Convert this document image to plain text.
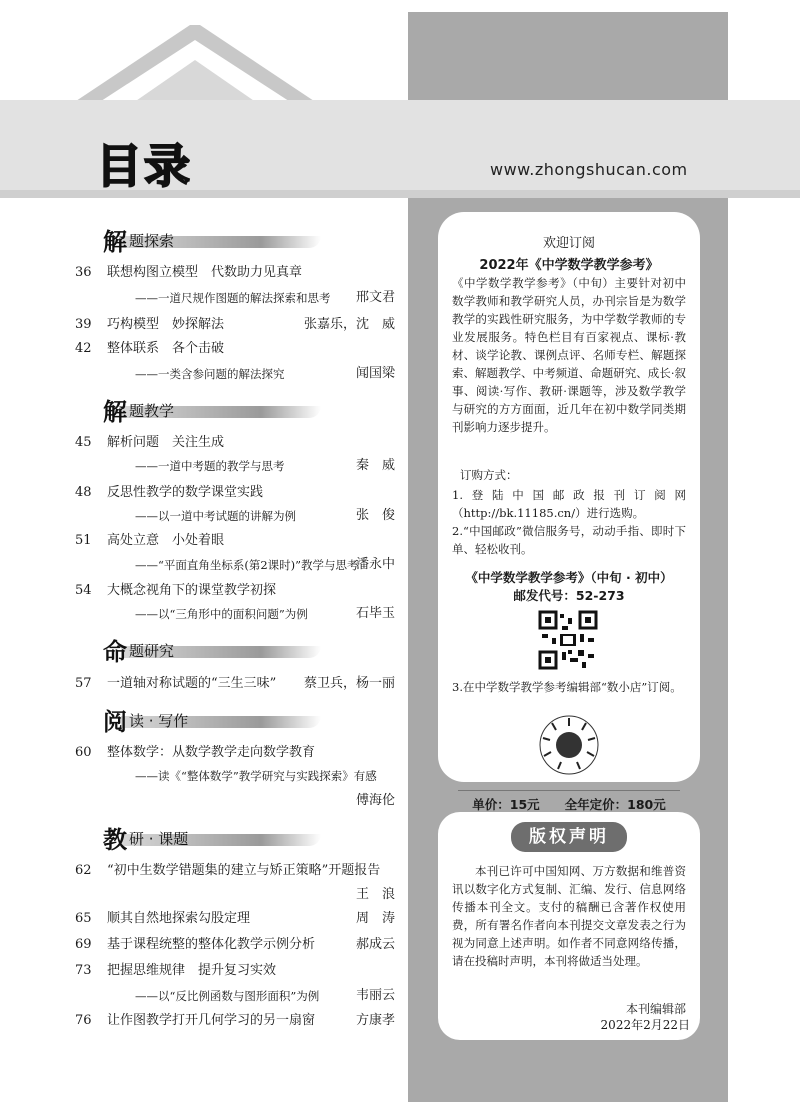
目录	www.zhongshucan.com
解 题探索
36	联想构图立模型　代数助力见真章
——一道尺规作图题的解法探索和思考 邢文君
39	巧构模型　妙探解法	张嘉乐，沈　威
42	整体联系　各个击破
——一类含参问题的解法探究	闻国梁
解 题教学
45	解析问题　关注生成
——一道中考题的教学与思考	秦　威
48	反思性教学的数学课堂实践
——以一道中考试题的讲解为例	张　俊
51	高处立意　小处着眼
——“平面直角坐标系(第2课时)”教学与思考
潘永中
54	大概念视角下的课堂教学初探
——以“三角形中的面积问题”为例	石毕玉
命 题研究
57	一道轴对称试题的“三生三味” 蔡卫兵，杨一丽
阅 读 · 写作
60	整体数学：从数学教学走向数学教育
——读《“整体数学”教学研究与实践探索》有感
傅海伦
教 研 · 课题
62	“初中生数学错题集的建立与矫正策略”开题报告
王　浪
65	顺其自然地探索勾股定理	周　涛
69	基于课程统整的整体化教学示例分析	郝成云
73	把握思维规律　提升复习实效
——以“反比例函数与图形面积”为例	韦丽云
76	让作图教学打开几何学习的另一扇窗	方康孝
欢迎订阅
2022年《中学数学教学参考》
《中学数学教学参考》（中旬）主要针对初中数学教师和教学研究人员，办刊宗旨是为数学教学的实践性研究服务，为中学数学教师的专业发展服务。特色栏目有百家视点、课标·教材、谈学论教、课例点评、名师专栏、解题探索、解题教学、中考频道、命题研究、成长·叙事、阅读·写作、教研·课题等，涉及数学教学与研究的方方面面，近几年在初中数学同类期刊影响力逐步提升。
订购方式：
1.登陆中国邮政报刊订阅网（http://bk.11185.cn/）进行选购。
2.“中国邮政”微信服务号，动动手指、即时下单、轻松收刊。
《中学数学教学参考》（中旬 · 初中）
邮发代号：52-273
3.在中学数学教学参考编辑部“数小店”订阅。
单价：15元　　全年定价：180元
版权声明
本刊已许可中国知网、万方数据和维普资讯以数字化方式复制、汇编、发行、信息网络传播本刊全文。支付的稿酬已含著作权使用费，所有署名作者向本刊提交文章发表之行为视为同意上述声明。如作者不同意网络传播，请在投稿时声明，本刊将做适当处理。
本刊编辑部
2022年2月22日
